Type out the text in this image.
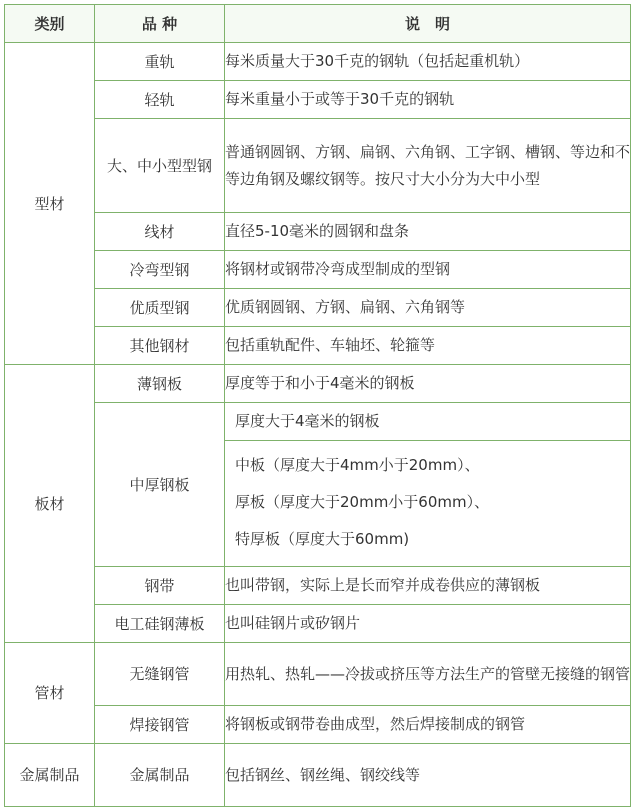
类别	品 种	说　明
型材	重轨	每米质量大于30千克的钢轨（包括起重机轨）
	轻轨	每米重量小于或等于30千克的钢轨
	大、中小型型钢	普通钢圆钢、方钢、扁钢、六角钢、工字钢、槽钢、等边和不等边角钢及螺纹钢等。按尺寸大小分为大中小型
	线材	直径5-10毫米的圆钢和盘条
	冷弯型钢	将钢材或钢带冷弯成型制成的型钢
	优质型钢	优质钢圆钢、方钢、扁钢、六角钢等
	其他钢材	包括重轨配件、车轴坯、轮箍等
板材	薄钢板	厚度等于和小于4毫米的钢板
	中厚钢板	厚度大于4毫米的钢板
中板（厚度大于4mm小于20mm）、
厚板（厚度大于20mm小于60mm）、
特厚板（厚度大于60mm)

	钢带	也叫带钢，实际上是长而窄并成卷供应的薄钢板
	电工硅钢薄板	也叫硅钢片或矽钢片
管材	无缝钢管	用热轧、热轧——冷拔或挤压等方法生产的管壁无接缝的钢管
	焊接钢管	将钢板或钢带卷曲成型，然后焊接制成的钢管
金属制品	金属制品	包括钢丝、钢丝绳、钢绞线等
